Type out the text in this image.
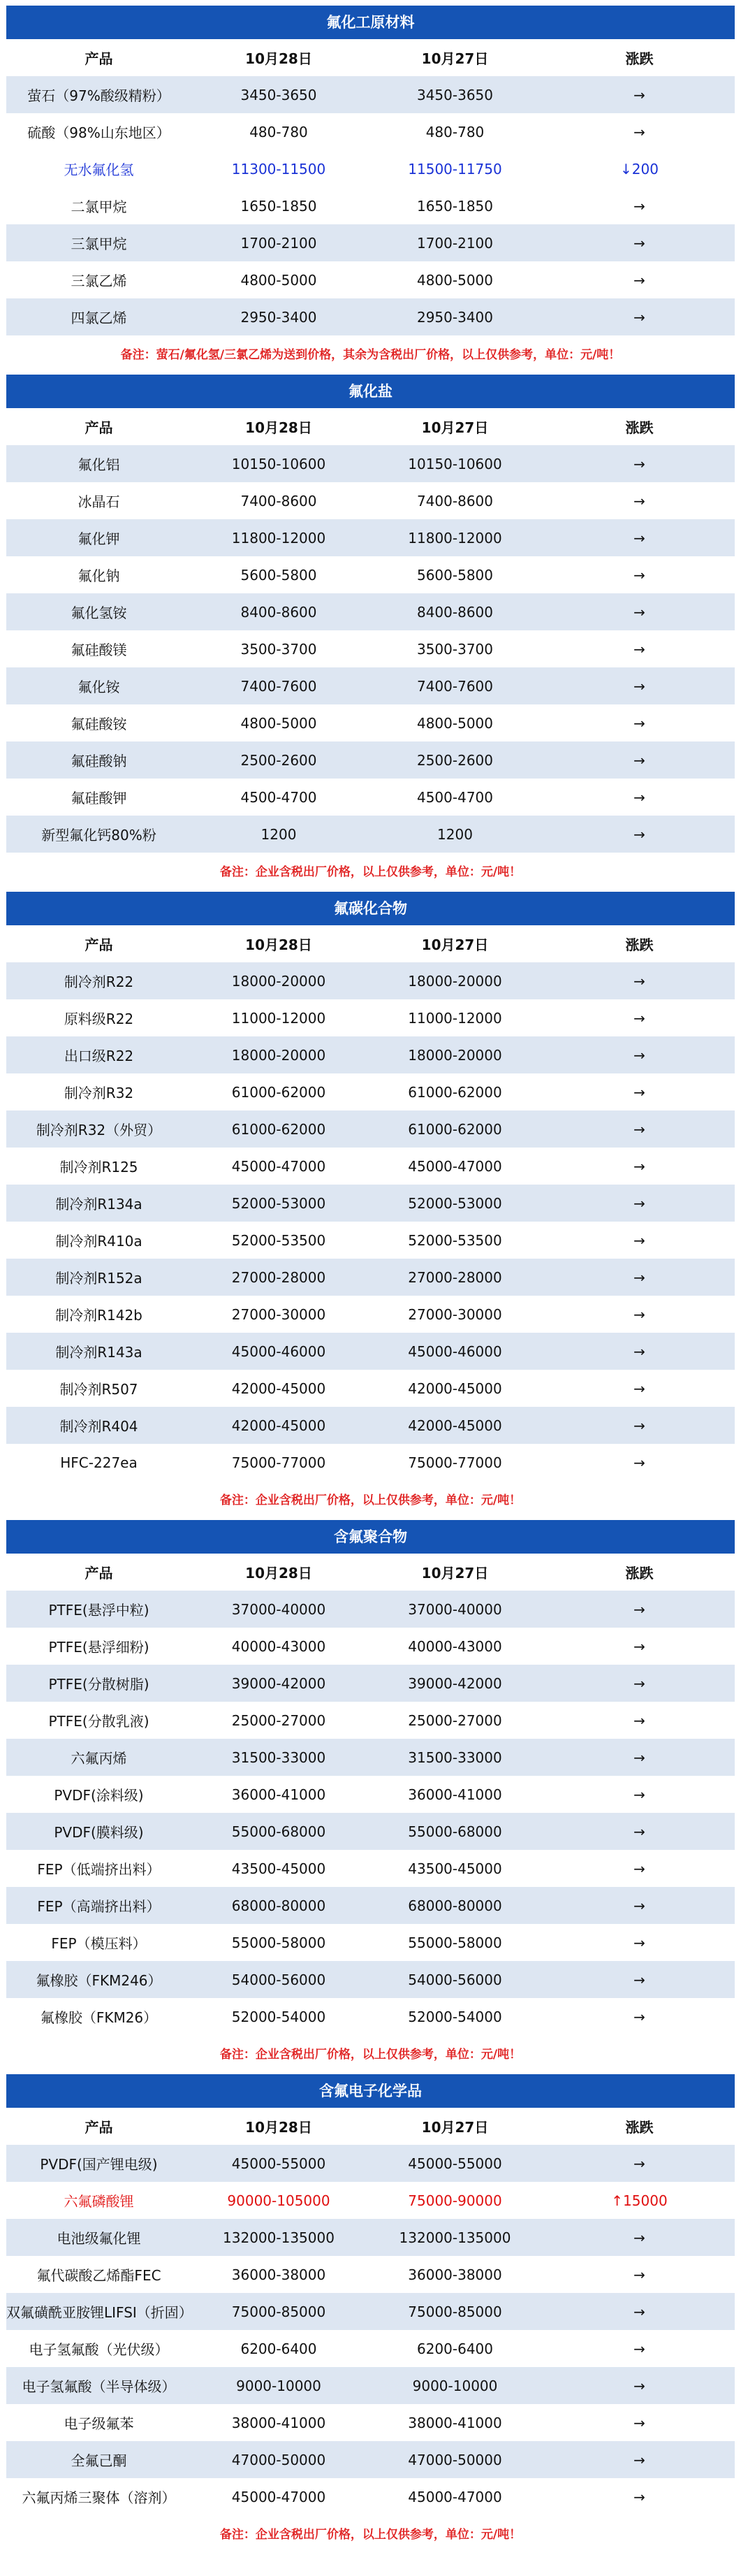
氟化工原材料
产品	10月28日	10月27日	涨跌
萤石（97%酸级精粉）	3450-3650	3450-3650	→
硫酸（98%山东地区）	480-780	480-780	→
无水氟化氢	11300-11500	11500-11750	↓200
二氯甲烷	1650-1850	1650-1850	→
三氯甲烷	1700-2100	1700-2100	→
三氯乙烯	4800-5000	4800-5000	→
四氯乙烯	2950-3400	2950-3400	→
备注：萤石/氟化氢/三氯乙烯为送到价格，其余为含税出厂价格，以上仅供参考，单位：元/吨！
氟化盐
产品	10月28日	10月27日	涨跌
氟化铝	10150-10600	10150-10600	→
冰晶石	7400-8600	7400-8600	→
氟化钾	11800-12000	11800-12000	→
氟化钠	5600-5800	5600-5800	→
氟化氢铵	8400-8600	8400-8600	→
氟硅酸镁	3500-3700	3500-3700	→
氟化铵	7400-7600	7400-7600	→
氟硅酸铵	4800-5000	4800-5000	→
氟硅酸钠	2500-2600	2500-2600	→
氟硅酸钾	4500-4700	4500-4700	→
新型氟化钙80%粉	1200	1200	→
备注：企业含税出厂价格，以上仅供参考，单位：元/吨！
氟碳化合物
产品	10月28日	10月27日	涨跌
制冷剂R22	18000-20000	18000-20000	→
原料级R22	11000-12000	11000-12000	→
出口级R22	18000-20000	18000-20000	→
制冷剂R32	61000-62000	61000-62000	→
制冷剂R32（外贸）	61000-62000	61000-62000	→
制冷剂R125	45000-47000	45000-47000	→
制冷剂R134a	52000-53000	52000-53000	→
制冷剂R410a	52000-53500	52000-53500	→
制冷剂R152a	27000-28000	27000-28000	→
制冷剂R142b	27000-30000	27000-30000	→
制冷剂R143a	45000-46000	45000-46000	→
制冷剂R507	42000-45000	42000-45000	→
制冷剂R404	42000-45000	42000-45000	→
HFC-227ea	75000-77000	75000-77000	→
备注：企业含税出厂价格，以上仅供参考，单位：元/吨！
含氟聚合物
产品	10月28日	10月27日	涨跌
PTFE(悬浮中粒)	37000-40000	37000-40000	→
PTFE(悬浮细粉)	40000-43000	40000-43000	→
PTFE(分散树脂)	39000-42000	39000-42000	→
PTFE(分散乳液)	25000-27000	25000-27000	→
六氟丙烯	31500-33000	31500-33000	→
PVDF(涂料级)	36000-41000	36000-41000	→
PVDF(膜料级)	55000-68000	55000-68000	→
FEP（低端挤出料）	43500-45000	43500-45000	→
FEP（高端挤出料）	68000-80000	68000-80000	→
FEP（模压料）	55000-58000	55000-58000	→
氟橡胶（FKM246）	54000-56000	54000-56000	→
氟橡胶（FKM26）	52000-54000	52000-54000	→
备注：企业含税出厂价格，以上仅供参考，单位：元/吨！
含氟电子化学品
产品	10月28日	10月27日	涨跌
PVDF(国产锂电级)	45000-55000	45000-55000	→
六氟磷酸锂	90000-105000	75000-90000	↑15000
电池级氟化锂	132000-135000	132000-135000	→
氟代碳酸乙烯酯FEC	36000-38000	36000-38000	→
双氟磺酰亚胺锂LIFSI（折固）	75000-85000	75000-85000	→
电子氢氟酸（光伏级）	6200-6400	6200-6400	→
电子氢氟酸（半导体级）	9000-10000	9000-10000	→
电子级氟苯	38000-41000	38000-41000	→
全氟己酮	47000-50000	47000-50000	→
六氟丙烯三聚体（溶剂）	45000-47000	45000-47000	→
备注：企业含税出厂价格，以上仅供参考，单位：元/吨！
